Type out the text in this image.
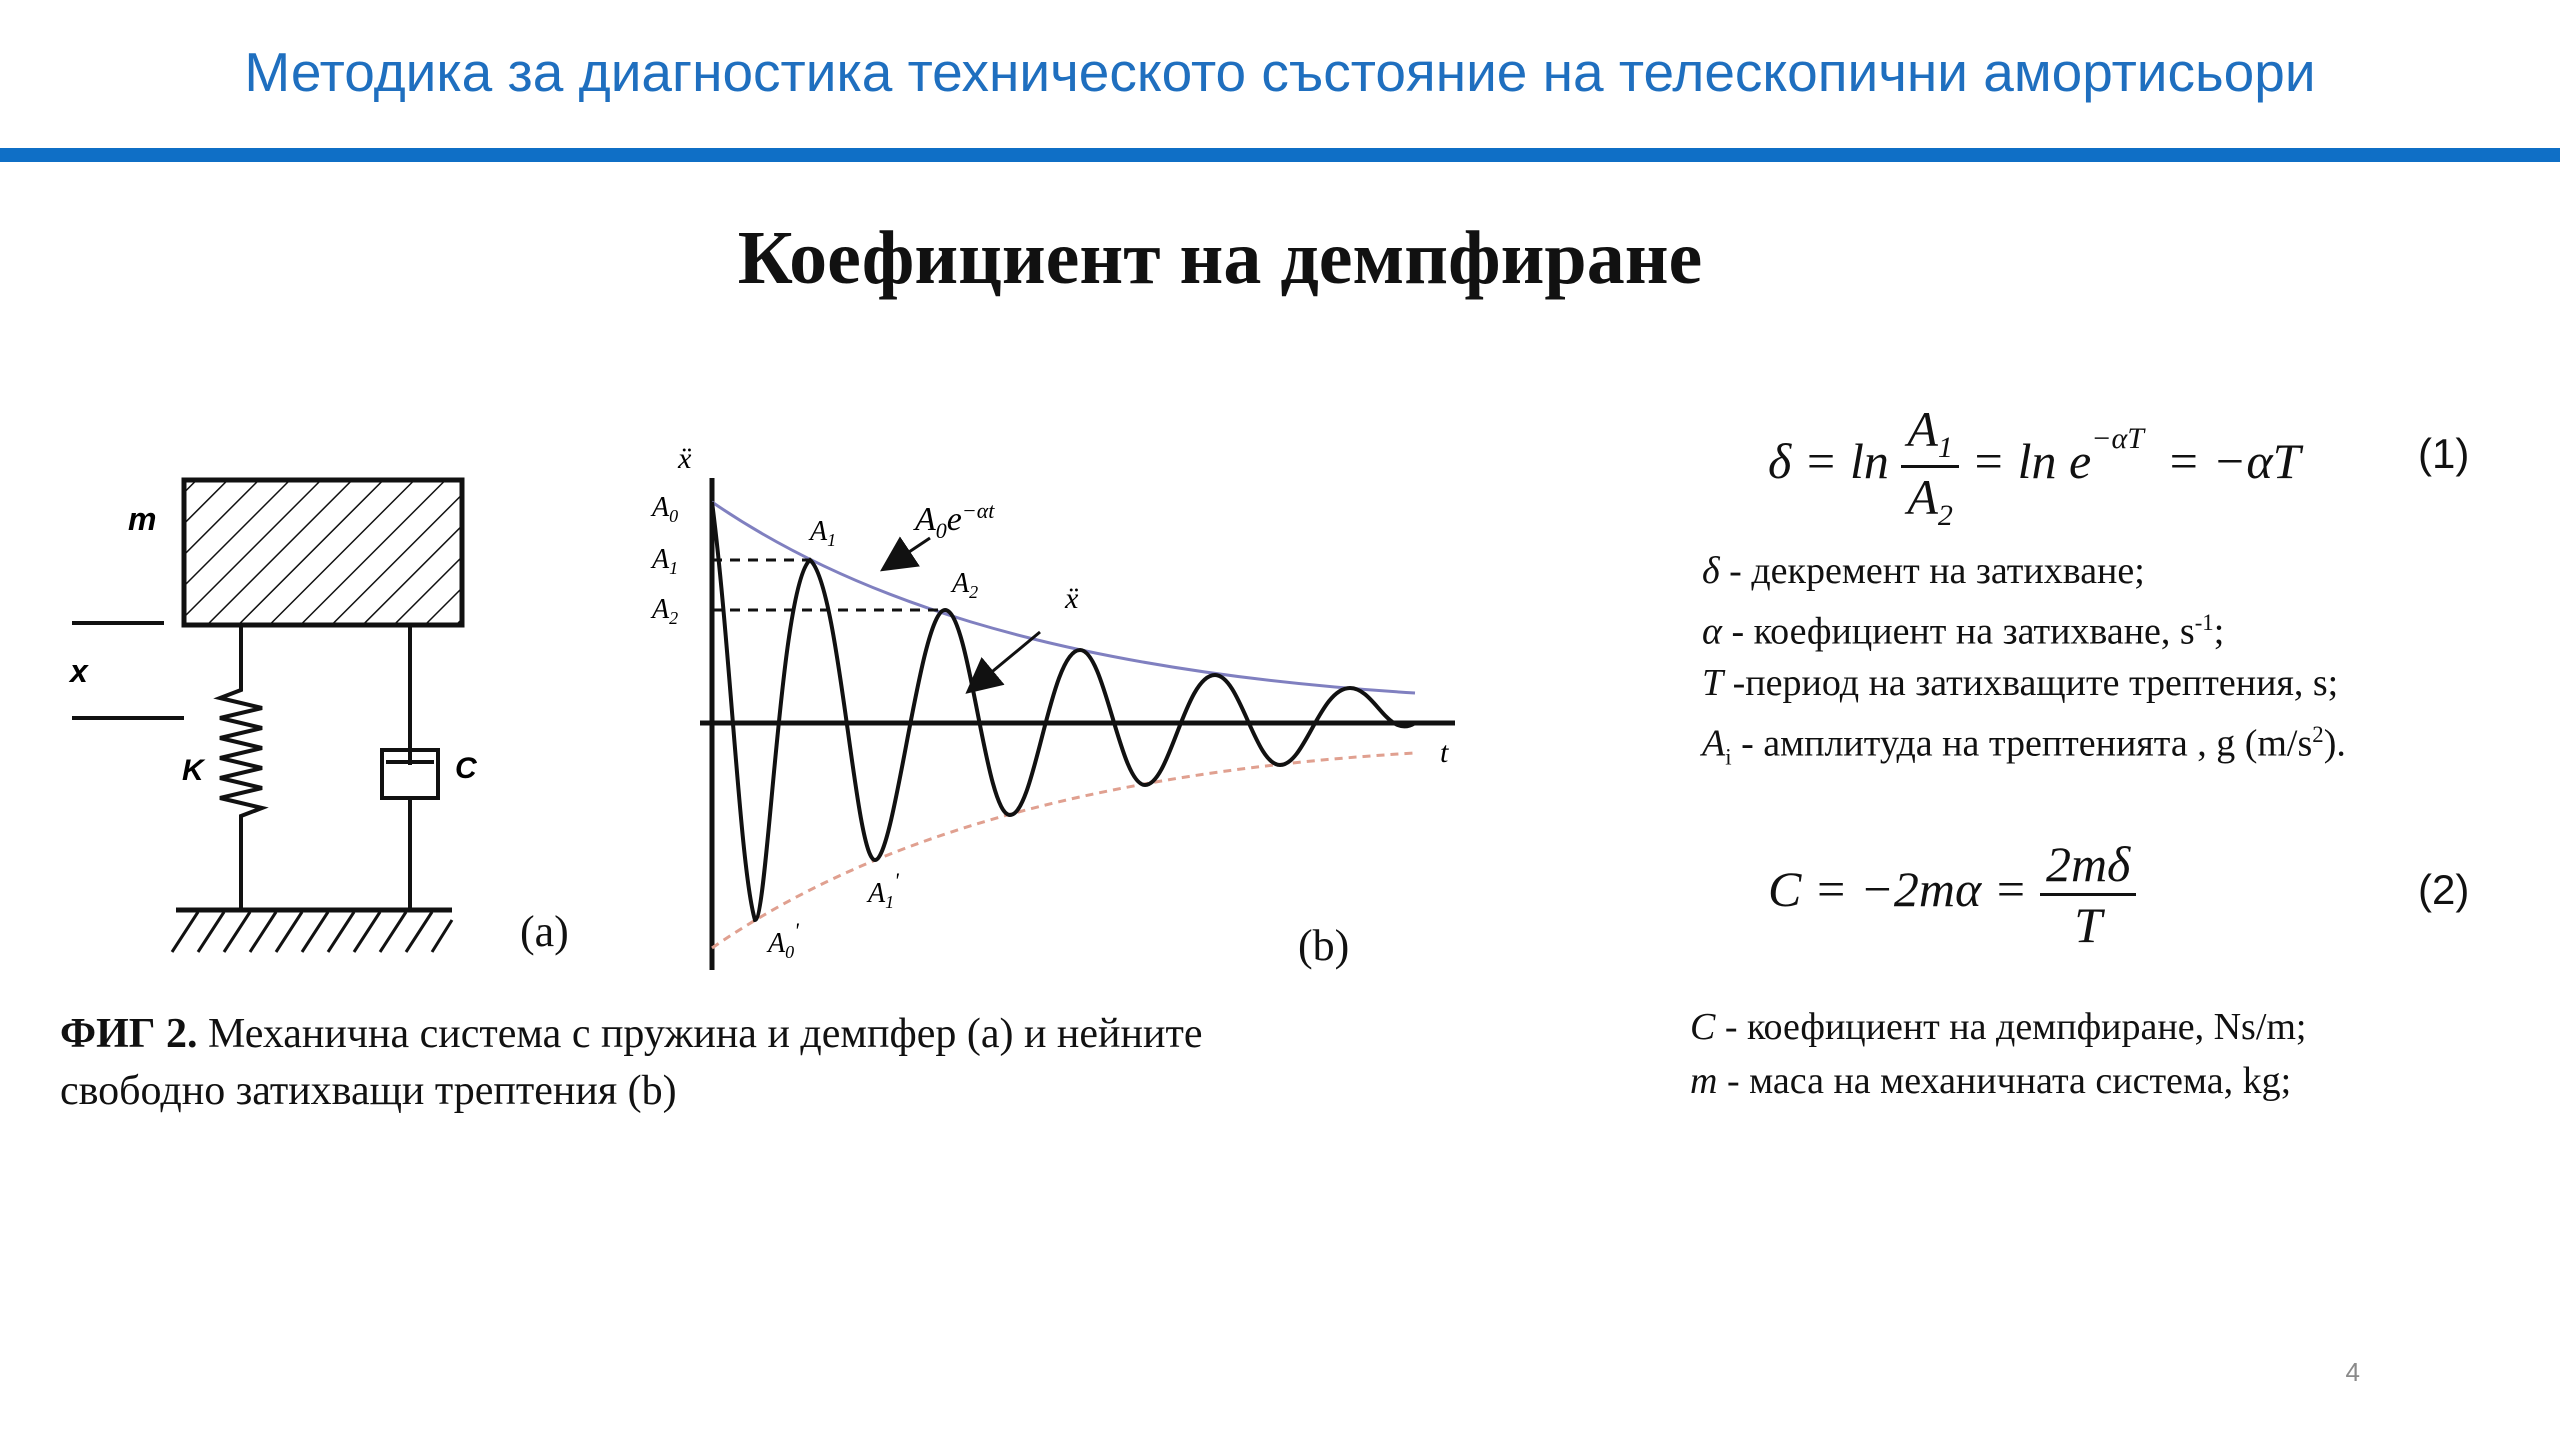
Методика за диагностика техническото състояние на телескопични амортисьори
Коефициент на демпфиране
m
x
K	C
(a)
ẍ
t
$A_0$
$A_1$
$A_2$
$A_1$
$A_2$
$A_0e^{-\alpha t}$
ẍ
$A_1'$
$A_0'$	(b)
ФИГ 2. Механична система с пружина и демпфер (а) и нейните свободно затихващи трептения (b)
$\delta = \ln \frac{A_1}{A_2} = \ln e^{-\alpha T} = -\alpha T$	(1)
δ - декремент на затихване;
α - коефициент на затихване, $s^{-1}$;
T -период на затихващите трептения, s;
$A_i$ - амплитуда на трептенията , g $(m/s^2)$.
$C = -2m\alpha = \frac{2m\delta}{T}$	(2)
C - коефициент на демпфиране, Ns/m;
m - маса на механичната система, kg;
4
